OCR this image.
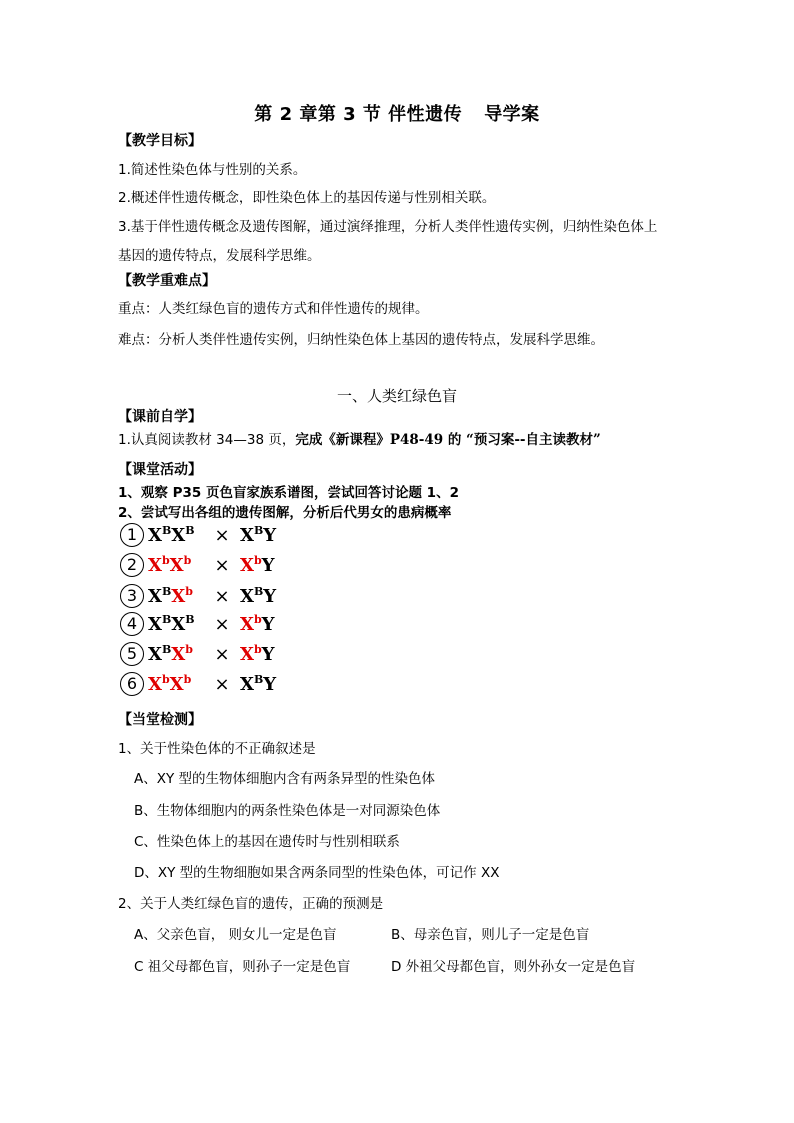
第 2 章第 3 节 伴性遗传 导学案
【教学目标】
1.简述性染色体与性别的关系。
2.概述伴性遗传概念，即性染色体上的基因传递与性别相关联。
3.基于伴性遗传概念及遗传图解，通过演绎推理，分析人类伴性遗传实例，归纳性染色体上
基因的遗传特点，发展科学思维。
【教学重难点】
重点：人类红绿色盲的遗传方式和伴性遗传的规律。
难点：分析人类伴性遗传实例，归纳性染色体上基因的遗传特点，发展科学思维。
一、人类红绿色盲
【课前自学】
1.认真阅读教材 34—38 页，完成《新课程》P48-49 的 “预习案--自主读教材”
【课堂活动】
1、观察 P35 页色盲家族系谱图，尝试回答讨论题 1、2
2、尝试写出各组的遗传图解，分析后代男女的患病概率
1 $X^BX^B \times X^BY$
2 $X^bX^b \times X^bY$
3 $X^BX^b \times X^BY$
4 $X^BX^B \times X^bY$
5 $X^BX^b \times X^bY$
6 $X^bX^b \times X^BY$
【当堂检测】
1、关于性染色体的不正确叙述是
A、XY 型的生物体细胞内含有两条异型的性染色体
B、生物体细胞内的两条性染色体是一对同源染色体
C、性染色体上的基因在遗传时与性别相联系
D、XY 型的生物细胞如果含两条同型的性染色体，可记作 XX
2、关于人类红绿色盲的遗传，正确的预测是
A、父亲色盲， 则女儿一定是色盲	B、母亲色盲，则儿子一定是色盲
C 祖父母都色盲，则孙子一定是色盲	D 外祖父母都色盲，则外孙女一定是色盲
